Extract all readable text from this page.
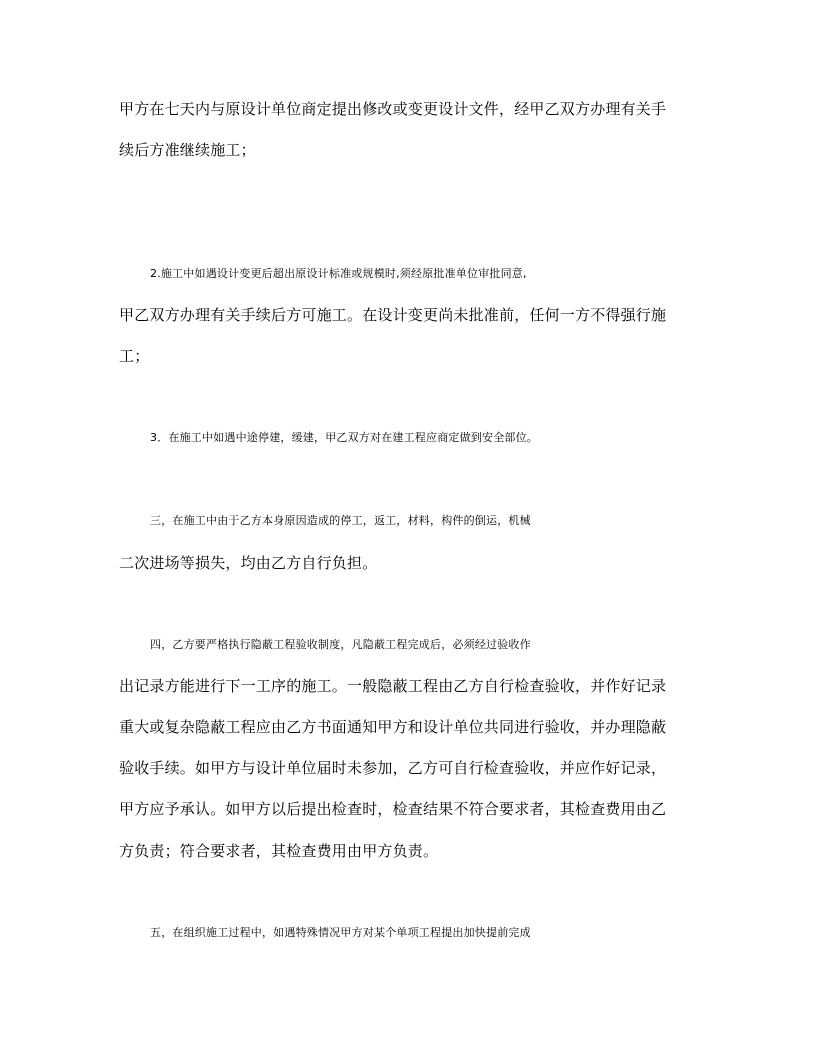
甲方在七天内与原设计单位商定提出修改或变更设计文件，经甲乙双方办理有关手
续后方准继续施工；
2.施工中如遇设计变更后超出原设计标准或规模时,须经原批准单位审批同意,
甲乙双方办理有关手续后方可施工。在设计变更尚未批准前，任何一方不得强行施
工；
3．在施工中如遇中途停建，缓建，甲乙双方对在建工程应商定做到安全部位。
三，在施工中由于乙方本身原因造成的停工，返工，材料，构件的倒运，机械
二次进场等损失，均由乙方自行负担。
四，乙方要严格执行隐蔽工程验收制度，凡隐蔽工程完成后，必须经过验收作
出记录方能进行下一工序的施工。一般隐蔽工程由乙方自行检查验收，并作好记录
重大或复杂隐蔽工程应由乙方书面通知甲方和设计单位共同进行验收，并办理隐蔽
验收手续。如甲方与设计单位届时未参加，乙方可自行检查验收，并应作好记录，
甲方应予承认。如甲方以后提出检查时，检查结果不符合要求者，其检查费用由乙
方负责；符合要求者，其检查费用由甲方负责。
五，在组织施工过程中，如遇特殊情况甲方对某个单项工程提出加快提前完成
